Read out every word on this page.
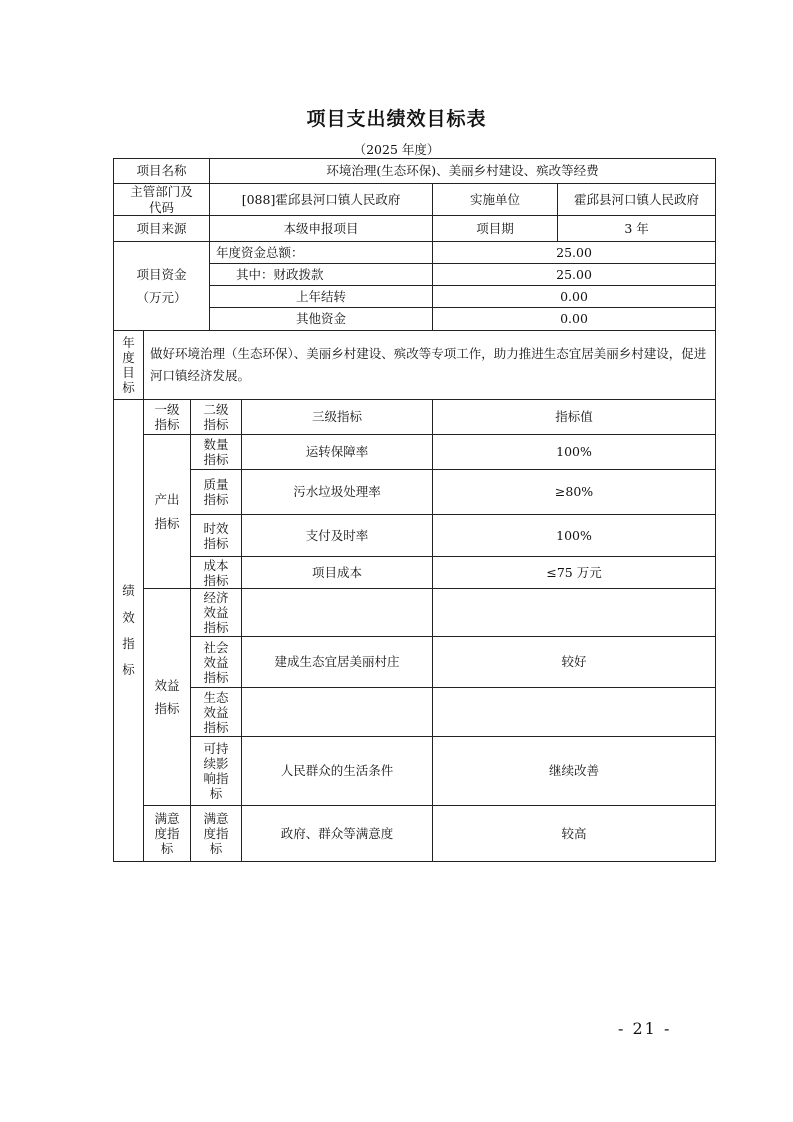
项目支出绩效目标表
（2025 年度）
项目名称			环境治理(生态环保)、美丽乡村建设、殡改等经费			
主管部门及代码			[088]霍邱县河口镇人民政府		实施单位	霍邱县河口镇人民政府
项目来源			本级申报项目		项目期	3 年
项目资金（万元）			年度资金总额：		25.00	
			其中：财政拨款		25.00	
			上年结转		0.00	
			其他资金		0.00	
年度目标	做好环境治理（生态环保）、美丽乡村建设、殡改等专项工作，助力推进生态宜居美丽乡村建设，促进河口镇经济发展。					
绩效指标	一级指标	二级指标		三级指标	指标值	
	产出指标	数量指标		运转保障率	100%	
		质量指标		污水垃圾处理率	≥80%	
		时效指标		支付及时率	100%	
		成本指标		项目成本	≤75 万元	
	效益指标	经济效益指标				
		社会效益指标		建成生态宜居美丽村庄	较好	
		生态效益指标				
		可持续影响指标		人民群众的生活条件	继续改善	
	满意度指标	满意度指标		政府、群众等满意度	较高	
- 21 -
